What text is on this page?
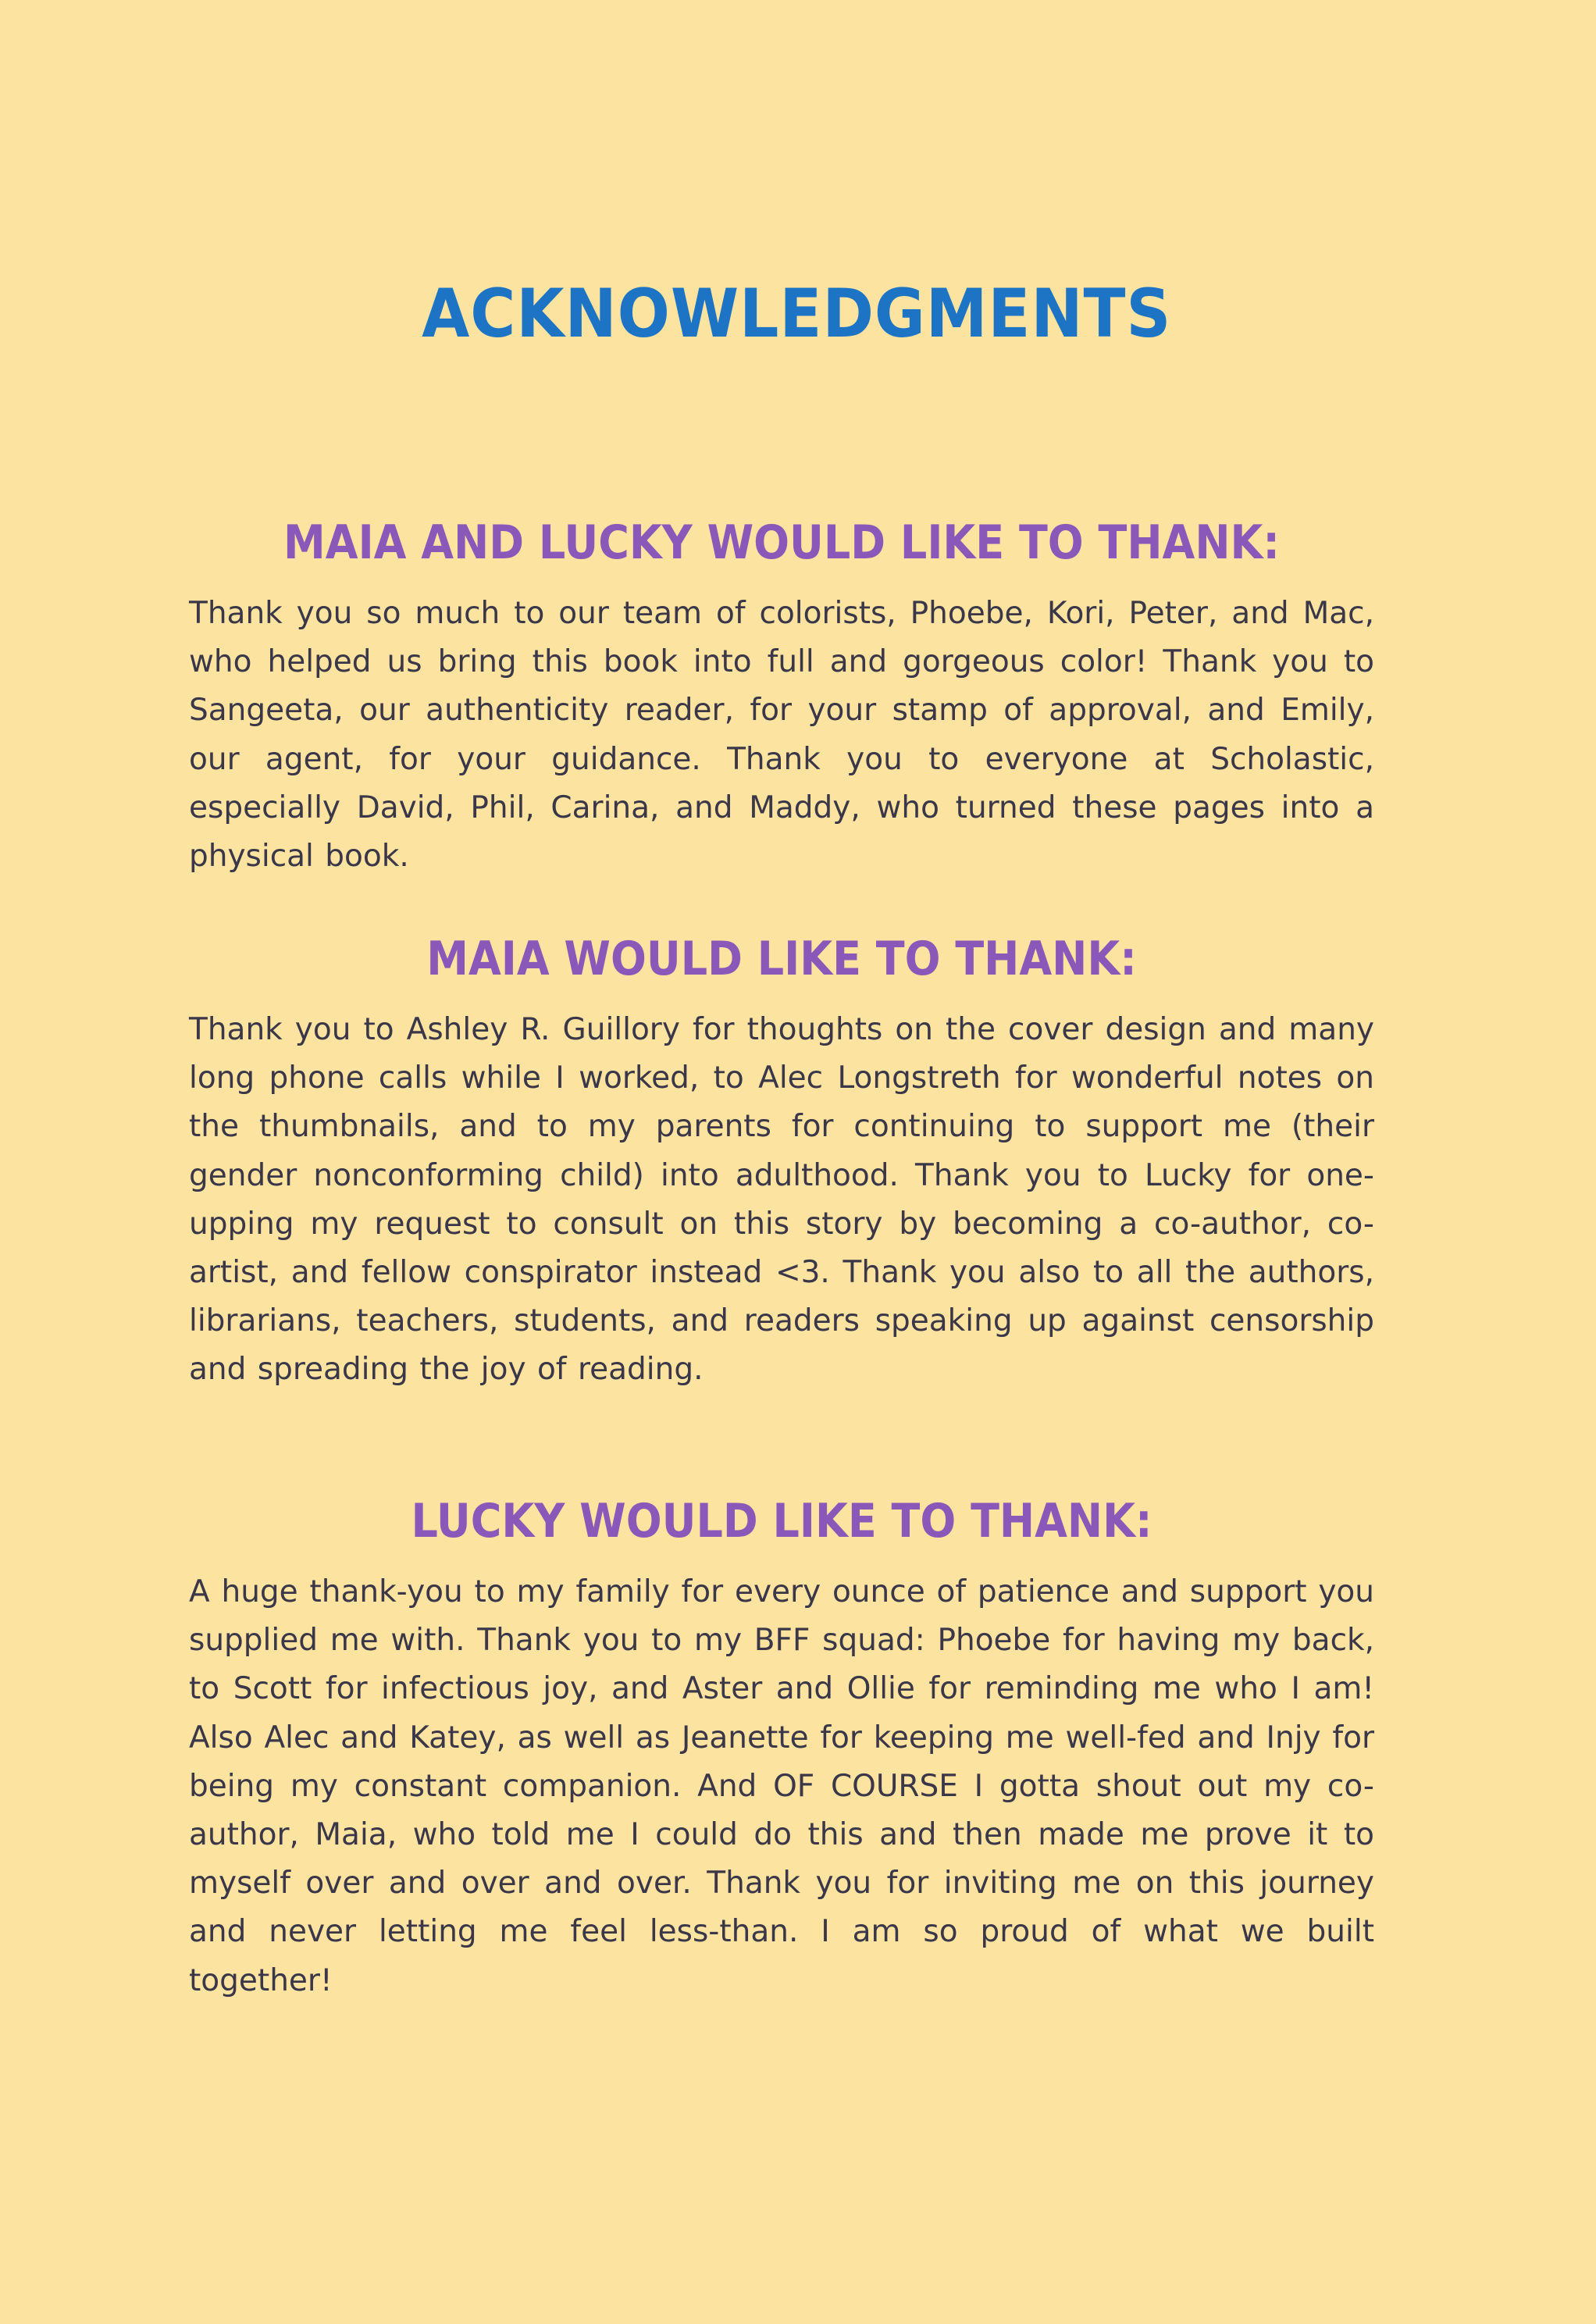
ACKNOWLEDGMENTS
MAIA AND LUCKY WOULD LIKE TO THANK:

Thank you so much to our team of colorists, Phoebe, Kori, Peter, and Mac, who helped us bring this book into full and gorgeous color! Thank you to Sangeeta, our authenticity reader, for your stamp of approval, and Emily, our agent, for your guidance. Thank you to everyone at Scholastic, especially David, Phil, Carina, and Maddy, who turned these pages into a physical book.

MAIA WOULD LIKE TO THANK:

Thank you to Ashley R. Guillory for thoughts on the cover design and many long phone calls while I worked, to Alec Longstreth for wonderful notes on the thumbnails, and to my parents for continuing to support me (their gender nonconforming child) into adulthood. Thank you to Lucky for one-upping my request to consult on this story by becoming a co-author, co-artist, and fellow conspirator instead <3. Thank you also to all the authors, librarians, teachers, students, and readers speaking up against censorship and spreading the joy of reading.

LUCKY WOULD LIKE TO THANK:

A huge thank-you to my family for every ounce of patience and support you supplied me with. Thank you to my BFF squad: Phoebe for having my back, to Scott for infectious joy, and Aster and Ollie for reminding me who I am! Also Alec and Katey, as well as Jeanette for keeping me well-fed and Injy for being my constant companion. And OF COURSE I gotta shout out my co-author, Maia, who told me I could do this and then made me prove it to myself over and over and over. Thank you for inviting me on this journey and never letting me feel less-than. I am so proud of what we built together!
